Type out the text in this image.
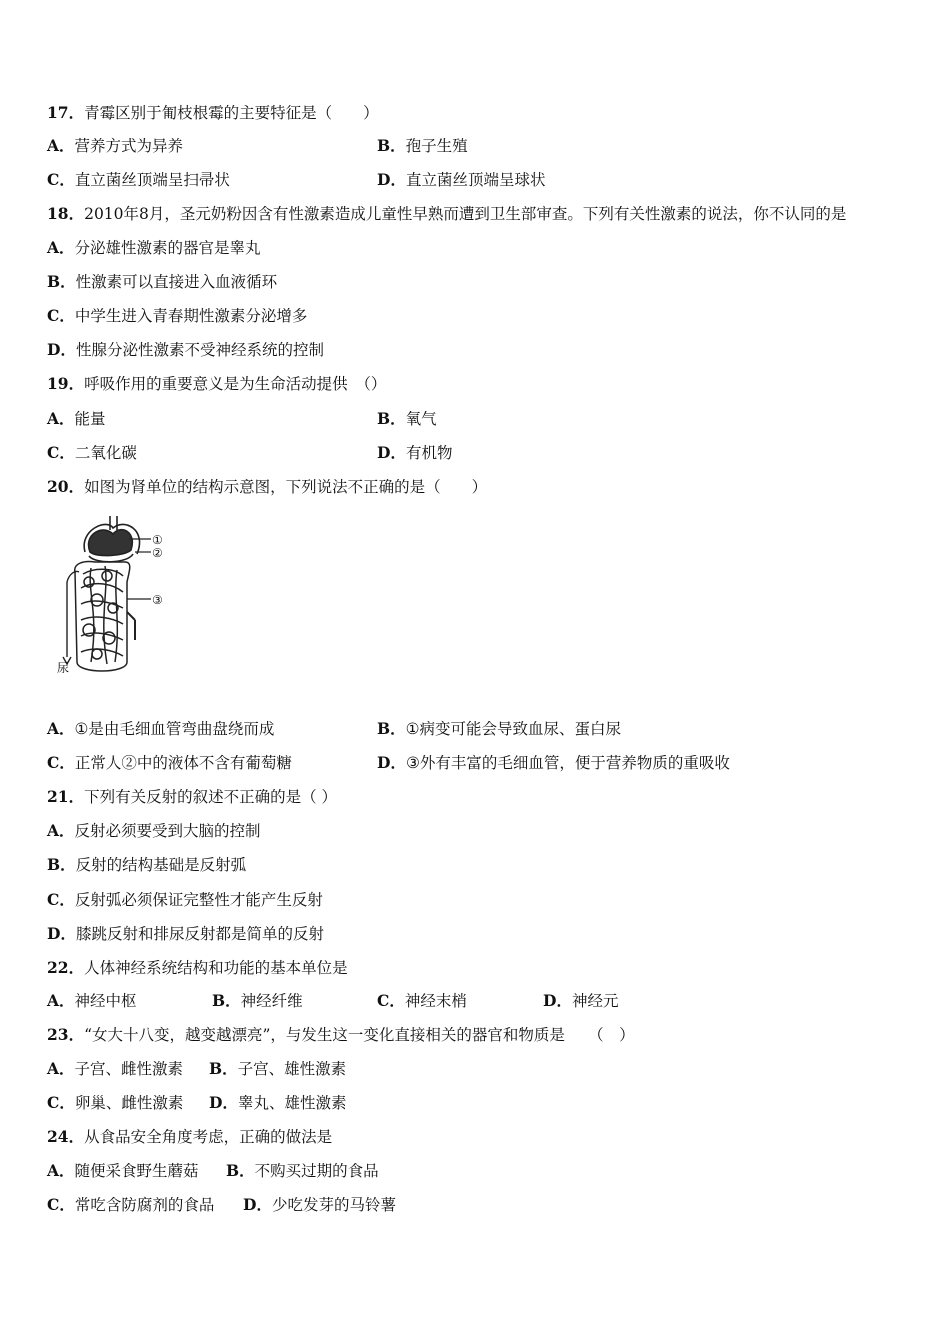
17．青霉区别于匍枝根霉的主要特征是（　　）
A．营养方式为异养	B．孢子生殖
C．直立菌丝顶端呈扫帚状	D．直立菌丝顶端呈球状
18．2010年8月，圣元奶粉因含有性激素造成儿童性早熟而遭到卫生部审查。下列有关性激素的说法，你不认同的是
A．分泌雄性激素的器官是睾丸
B．性激素可以直接进入血液循环
C．中学生进入青春期性激素分泌增多
D．性腺分泌性激素不受神经系统的控制
19．呼吸作用的重要意义是为生命活动提供　（）
A．能量	B．氧气
C．二氧化碳	D．有机物
20．如图为肾单位的结构示意图，下列说法不正确的是（　　）
①
②
③
尿
A．①是由毛细血管弯曲盘绕而成	B．①病变可能会导致血尿、蛋白尿
C．正常人②中的液体不含有葡萄糖	D．③外有丰富的毛细血管，便于营养物质的重吸收
21．下列有关反射的叙述不正确的是（ ）
A．反射必须要受到大脑的控制
B．反射的结构基础是反射弧
C．反射弧必须保证完整性才能产生反射
D．膝跳反射和排尿反射都是简单的反射
22．人体神经系统结构和功能的基本单位是
A．神经中枢	B．神经纤维	C．神经末梢	D．神经元
23．“女大十八变，越变越漂亮”，与发生这一变化直接相关的器官和物质是　　（　）
A．子宫、雌性激素 B．子宫、雄性激素
C．卵巢、雌性激素 D．睾丸、雄性激素
24．从食品安全角度考虑，正确的做法是
A．随便采食野生蘑菇 B．不购买过期的食品
C．常吃含防腐剂的食品 D．少吃发芽的马铃薯
